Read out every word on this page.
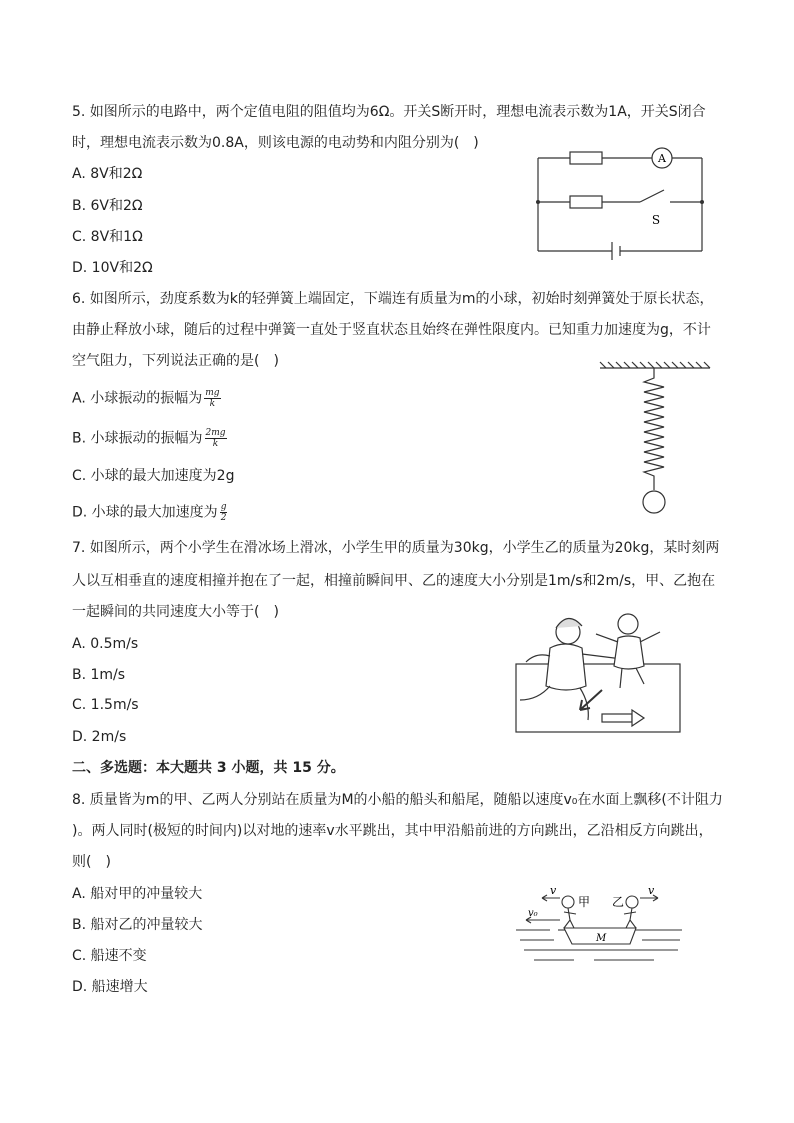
5. 如图所示的电路中，两个定值电阻的阻值均为6Ω。开关S断开时，理想电流表示数为1A，开关S闭合
时，理想电流表示数为0.8A，则该电源的电动势和内阻分别为(　)
A. 8V和2Ω
B. 6V和2Ω
C. 8V和1Ω
D. 10V和2Ω
A
S
6. 如图所示，劲度系数为k的轻弹簧上端固定，下端连有质量为m的小球，初始时刻弹簧处于原长状态，
由静止释放小球，随后的过程中弹簧一直处于竖直状态且始终在弹性限度内。已知重力加速度为g，不计
空气阻力，下列说法正确的是(　)
A. 小球振动的振幅为 $\frac{mg}{k}$
B. 小球振动的振幅为 $\frac{2mg}{k}$
C. 小球的最大加速度为2g
D. 小球的最大加速度为 $\frac{g}{2}$
7. 如图所示，两个小学生在滑冰场上滑冰，小学生甲的质量为30kg，小学生乙的质量为20kg，某时刻两
人以互相垂直的速度相撞并抱在了一起，相撞前瞬间甲、乙的速度大小分别是1m/s和2m/s，甲、乙抱在
一起瞬间的共同速度大小等于(　)
A. 0.5m/s
B. 1m/s
C. 1.5m/s
D. 2m/s
二、多选题：本大题共 3 小题，共 15 分。
8. 质量皆为m的甲、乙两人分别站在质量为M的小船的船头和船尾，随船以速度v₀在水面上飘移(不计阻力
)。两人同时(极短的时间内)以对地的速率v水平跳出，其中甲沿船前进的方向跳出，乙沿相反方向跳出，
则(　)
A. 船对甲的冲量较大
B. 船对乙的冲量较大
C. 船速不变
D. 船速增大
v
甲 乙
v
v₀
M
